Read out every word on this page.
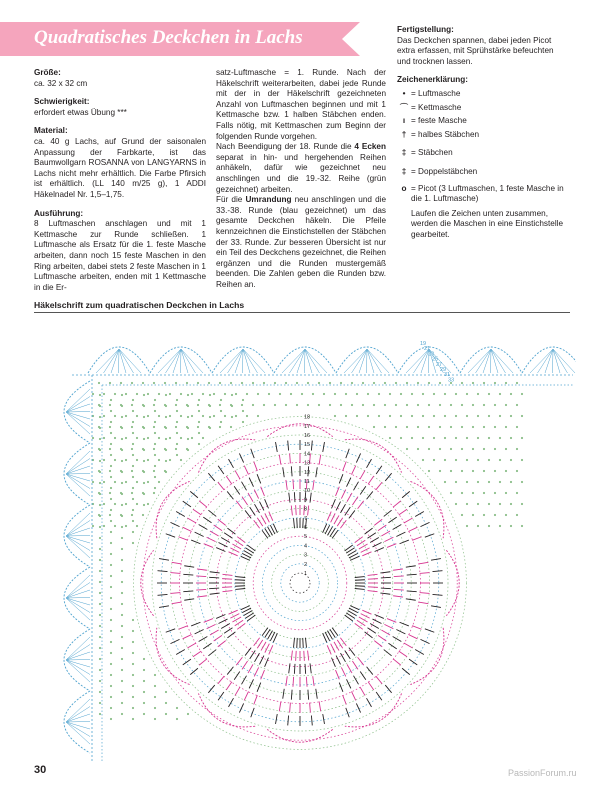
Quadratisches Deckchen in Lachs

Größe:

ca. 32 x 32 cm

Schwierigkeit:

erfordert etwas Übung ***

Material:

ca. 40 g Lachs, auf Grund der saisonalen Anpassung der Farbkarte, ist das Baumwollgarn ROSANNA von LANGYARNS in Lachs nicht mehr erhältlich. Die Farbe Pfirsich ist erhältlich. (LL 140 m/25 g), 1 ADDI Häkelnadel Nr. 1,5–1,75.

Ausführung:

8 Luftmaschen anschlagen und mit 1 Kettmasche zur Runde schließen. 1 Luftmasche als Ersatz für die 1. feste Masche arbeiten, dann noch 15 feste Maschen in den Ring arbeiten, dabei stets 2 feste Maschen in 1 Luftmasche arbeiten, enden mit 1 Kettmasche in die Er-

satz-Luftmasche = 1. Runde. Nach der Häkelschrift weiterarbeiten, dabei jede Runde mit der in der Häkelschrift gezeichneten Anzahl von Luftmaschen beginnen und mit 1 Kettmasche bzw. 1 halben Stäbchen enden. Falls nötig, mit Kettmaschen zum Beginn der folgenden Runde vorgehen.

Nach Beendigung der 18. Runde die 4 Ecken separat in hin- und hergehenden Reihen anhäkeln, dafür wie gezeichnet neu anschlingen und die 19.-32. Reihe (grün gezeichnet) arbeiten.

Für die Umrandung neu anschlingen und die 33.-38. Runde (blau gezeichnet) um das gesamte Deckchen häkeln. Die Pfeile kennzeichnen die Einstichstellen der Stäbchen der 33. Runde. Zur besseren Übersicht ist nur ein Teil des Deckchens gezeichnet, die Reihen ergänzen und die Runden mustergemäß beenden. Die Zahlen geben die Runden bzw. Reihen an.

Fertigstellung:

Das Deckchen spannen, dabei jeden Picot extra erfassen, mit Sprühstärke befeuchten und trocknen lassen.

Zeichenerklärung:

• = Luftmasche
⌒ = Kettmasche
ı = feste Masche
† = halbes Stäbchen
‡ = Stäbchen
‡ = Doppelstäbchen
o = Picot (3 Luftmaschen, 1 feste Masche in die 1. Luftmasche)

Laufen die Zeichen unten zusammen, werden die Maschen in eine Einstichstelle gearbeitet.

Häkelschrift zum quadratischen Deckchen in Lachs
1
2
3
4
5
6
7
8
9
10
11
12
13
14
15
16
17
18
19
21
23
25
27
29
31
33
30	PassionForum.ru
